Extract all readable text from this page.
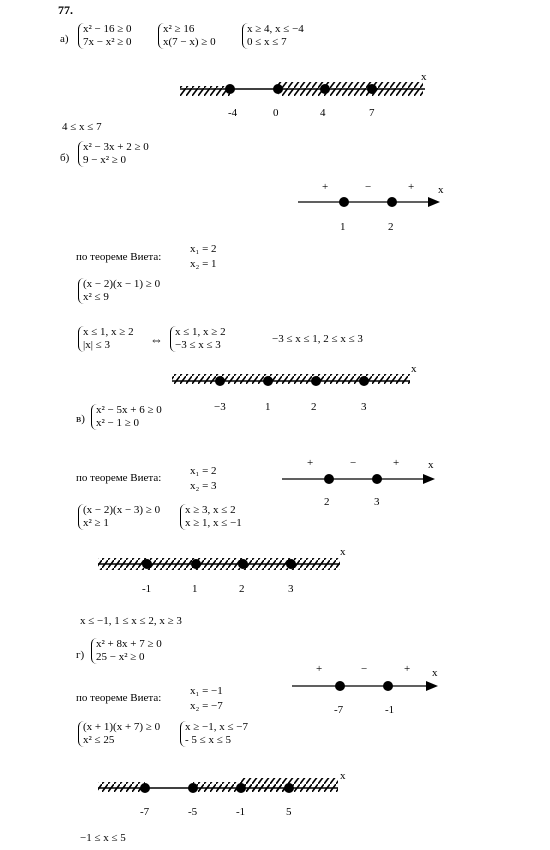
77.
а)
x² − 16 ≥ 0
7x − x² ≥ 0
x² ≥ 16
x(7 − x) ≥ 0
x ≥ 4, x ≤ −4
0 ≤ x ≤ 7
-4	0	4	7
x
4 ≤ x ≤ 7
б)
x² − 3x + 2 ≥ 0
9 − x² ≥ 0
+	−	+
1	2
x
по теореме Виета:
x₁ = 2
x₂ = 1
(x − 2)(x − 1) ≥ 0
x² ≤ 9
x ≤ 1, x ≥ 2
|x| ≤ 3	⇔ x ≤ 1, x ≥ 2
−3 ≤ x ≤ 3	−3 ≤ x ≤ 1, 2 ≤ x ≤ 3
−3	1	2	3
x
в)
x² − 5x + 6 ≥ 0
x² − 1 ≥ 0
по теореме Виета:
x₁ = 2
x₂ = 3
+	−	+
2	3
x
(x − 2)(x − 3) ≥ 0
x² ≥ 1
x ≥ 3, x ≤ 2
x ≥ 1, x ≤ −1
-1	1	2	3
x
x ≤ −1, 1 ≤ x ≤ 2, x ≥ 3
г)
x² + 8x + 7 ≥ 0
25 − x² ≥ 0
+	−	+
-7	-1
x
по теореме Виета:
x₁ = −1
x₂ = −7
(x + 1)(x + 7) ≥ 0
x² ≤ 25
x ≥ −1, x ≤ −7
- 5 ≤ x ≤ 5
-7	-5	-1	5
x
−1 ≤ x ≤ 5
